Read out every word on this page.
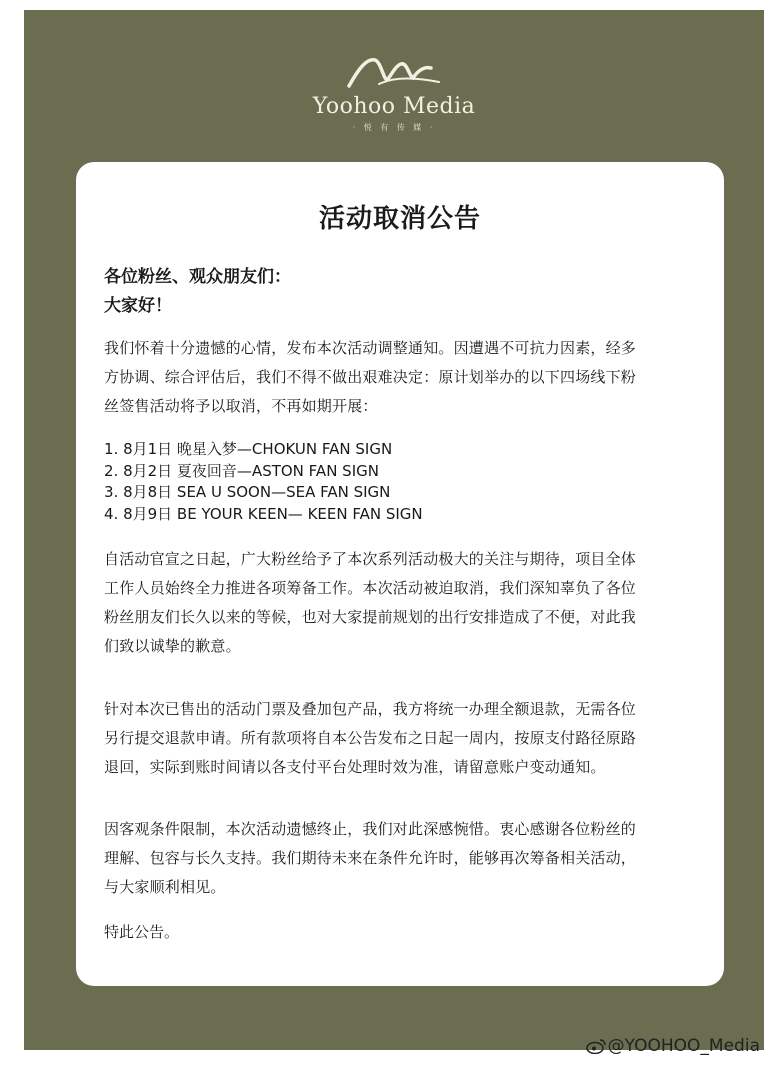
Yoohoo Media
· 悦 有 传 媒 ·
活动取消公告
各位粉丝、观众朋友们：
大家好！
我们怀着十分遗憾的心情，发布本次活动调整通知。因遭遇不可抗力因素，经多
方协调、综合评估后，我们不得不做出艰难决定：原计划举办的以下四场线下粉
丝签售活动将予以取消，不再如期开展：
1. 8月1日 晚星入梦—CHOKUN FAN SIGN
2. 8月2日 夏夜回音—ASTON FAN SIGN
3. 8月8日 SEA U SOON—SEA FAN SIGN
4. 8月9日 BE YOUR KEEN— KEEN FAN SIGN
自活动官宣之日起，广大粉丝给予了本次系列活动极大的关注与期待，项目全体
工作人员始终全力推进各项筹备工作。本次活动被迫取消，我们深知辜负了各位
粉丝朋友们长久以来的等候，也对大家提前规划的出行安排造成了不便，对此我
们致以诚挚的歉意。
针对本次已售出的活动门票及叠加包产品，我方将统一办理全额退款，无需各位
另行提交退款申请。所有款项将自本公告发布之日起一周内，按原支付路径原路
退回，实际到账时间请以各支付平台处理时效为准，请留意账户变动通知。
因客观条件限制，本次活动遗憾终止，我们对此深感惋惜。衷心感谢各位粉丝的
理解、包容与长久支持。我们期待未来在条件允许时，能够再次筹备相关活动，
与大家顺利相见。
特此公告。
@YOOHOO_Media
